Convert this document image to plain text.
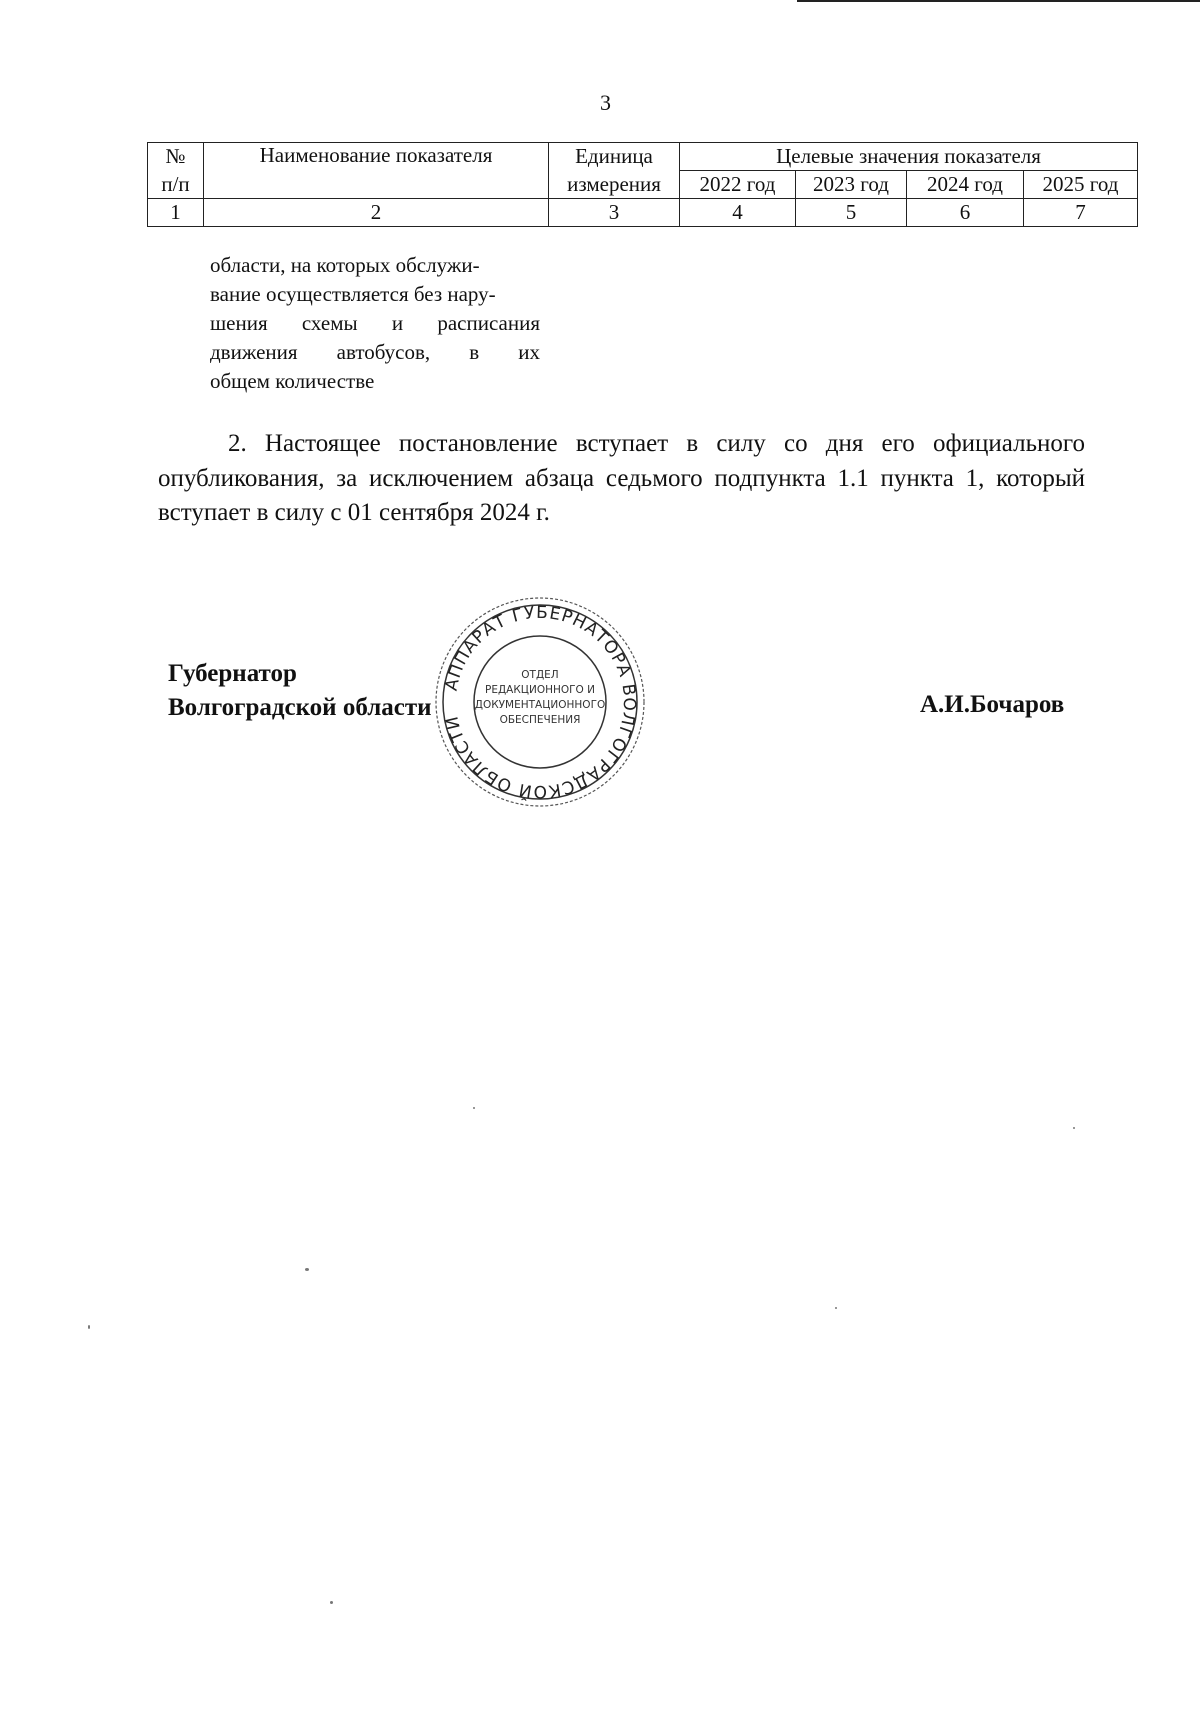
3
№	Наименование показателя	Единица	Целевые значения показателя			
п/п		измерения	2022 год	2023 год	2024 год	2025 год
1	2	3	4	5	6	7
области, на которых обслужи-
вание осуществляется без нару-
шения схемы и расписания
движения автобусов, в их
общем количестве
2. Настоящее постановление вступает в силу со дня его официального опубликования, за исключением абзаца седьмого подпункта 1.1 пункта 1, который вступает в силу с 01 сентября 2024 г.
Губернатор
Волгоградской области	А.И.Бочаров
АППАРАТ ГУБЕРНАТОРА ВОЛГОГРАДСКОЙ ОБЛАСТИ
ОТДЕЛ
РЕДАКЦИОННОГО И
ДОКУМЕНТАЦИОННОГО
ОБЕСПЕЧЕНИЯ
